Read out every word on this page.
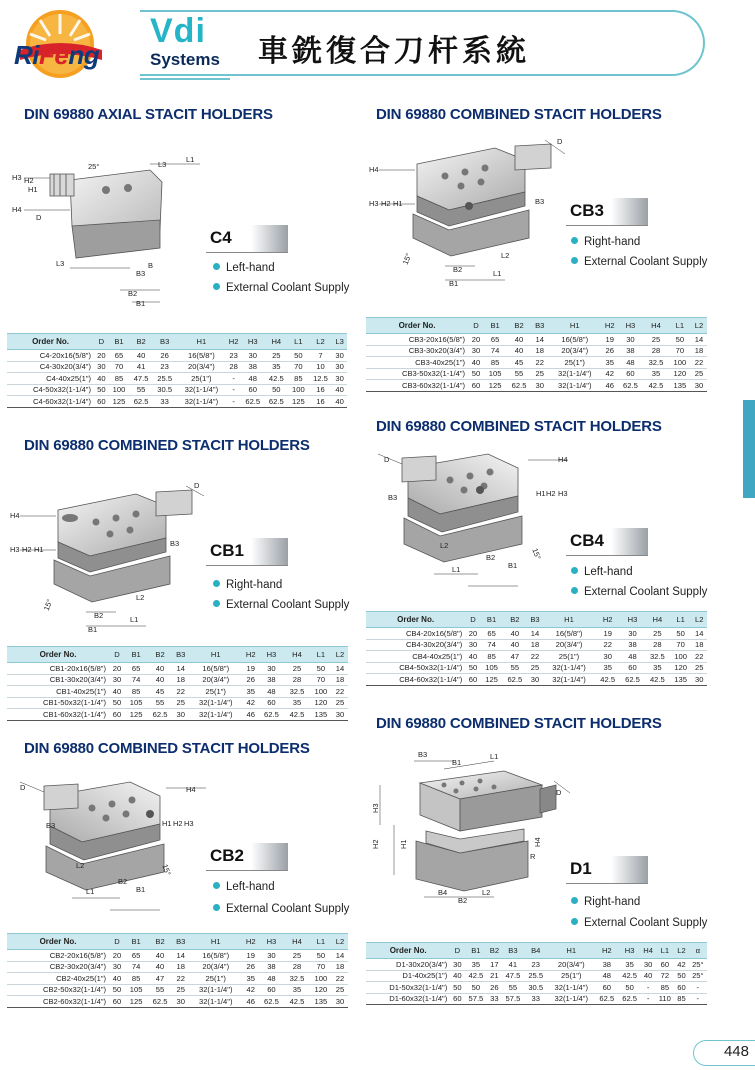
RiFeng
Vdi
Systems 車銑復合刀杆系統
DIN 69880 AXIAL STACIT HOLDERS
25°	L3
L1
H3 H2
H1
H4
D
L3
B3
B2
B1
B
C4
Left-hand
External Coolant Supply
Order No.	D	B1	B2	B3	H1	H2	H3	H4	L1	L2	L3
C4-20x16(5/8")	20	65	40	26	16(5/8")	23	30	25	50	7	30
C4-30x20(3/4")	30	70	41	23	20(3/4")	28	38	35	70	10	30
C4-40x25(1")	40	85	47.5	25.5	25(1")	-	48	42.5	85	12.5	30
C4-50x32(1-1/4")	50	100	55	30.5	32(1-1/4")	-	60	50	100	16	40
C4-60x32(1-1/4")	60	125	62.5	33	32(1-1/4")	-	62.5	62.5	125	16	40
DIN 69880 COMBINED STACIT HOLDERS
D
H4
H3 H2 H1	B3
15°	L2
B2	L1
B1
CB3
Right-hand
External Coolant Supply
Order No.	D	B1	B2	B3	H1	H2	H3	H4	L1	L2
CB3-20x16(5/8")	20	65	40	14	16(5/8")	19	30	25	50	14
CB3-30x20(3/4")	30	74	40	18	20(3/4")	26	38	28	70	18
CB3-40x25(1")	40	85	45	22	25(1")	35	48	32.5	100	22
CB3-50x32(1-1/4")	50	105	55	25	32(1-1/4")	42	60	35	120	25
CB3-60x32(1-1/4")	60	125	62.5	30	32(1-1/4")	46	62.5	42.5	135	30
DIN 69880 COMBINED STACIT HOLDERS
D
H4
H3 H2 H1
B3
15°
L2
B2	L1
B1
CB1
Right-hand
External Coolant Supply
Order No.	D	B1	B2	B3	H1	H2	H3	H4	L1	L2
CB1-20x16(5/8")	20	65	40	14	16(5/8")	19	30	25	50	14
CB1-30x20(3/4")	30	74	40	18	20(3/4")	26	38	28	70	18
CB1-40x25(1")	40	85	45	22	25(1")	35	48	32.5	100	22
CB1-50x32(1-1/4")	50	105	55	25	32(1-1/4")	42	60	35	120	25
CB1-60x32(1-1/4")	60	125	62.5	30	32(1-1/4")	46	62.5	42.5	135	30
DIN 69880 COMBINED STACIT HOLDERS
D	H4
B3	H1 H2 H3
L2
15°
B2
L1	B1
CB4
Left-hand
External Coolant Supply
Order No.	D	B1	B2	B3	H1	H2	H3	H4	L1	L2
CB4-20x16(5/8")	20	65	40	14	16(5/8")	19	30	25	50	14
CB4-30x20(3/4")	30	74	40	18	20(3/4")	22	38	28	70	18
CB4-40x25(1")	40	85	47	22	25(1")	30	48	32.5	100	22
CB4-50x32(1-1/4")	50	105	55	25	32(1-1/4")	35	60	35	120	25
CB4-60x32(1-1/4")	60	125	62.5	30	32(1-1/4")	42.5	62.5	42.5	135	30
DIN 69880 COMBINED STACIT HOLDERS
D	H4
B3	H1 H2 H3
L2	15°
B2
L1	B1
CB2
Left-hand
External Coolant Supply
Order No.	D	B1	B2	B3	H1	H2	H3	H4	L1	L2
CB2-20x16(5/8")	20	65	40	14	16(5/8")	19	30	25	50	14
CB2-30x20(3/4")	30	74	40	18	20(3/4")	26	38	28	70	18
CB2-40x25(1")	40	85	47	22	25(1")	35	48	32.5	100	22
CB2-50x32(1-1/4")	50	105	55	25	32(1-1/4")	42	60	35	120	25
CB2-60x32(1-1/4")	60	125	62.5	30	32(1-1/4")	46	62.5	42.5	135	30
DIN 69880 COMBINED STACIT HOLDERS
B3
B1
L1
D
H3
H2	H1	H4
R
B4
B2
L2
D1
Right-hand
External Coolant Supply
Order No.	D	B1	B2	B3	B4	H1	H2	H3	H4	L1	L2	α
D1-30x20(3/4")	30	35	17	41	23	20(3/4")	38	35	30	60	42	25°
D1-40x25(1")	40	42.5	21	47.5	25.5	25(1")	48	42.5	40	72	50	25°
D1-50x32(1-1/4")	50	50	26	55	30.5	32(1-1/4")	60	50	-	85	60	-
D1-60x32(1-1/4")	60	57.5	33	57.5	33	32(1-1/4")	62.5	62.5	-	110	85	-
448
